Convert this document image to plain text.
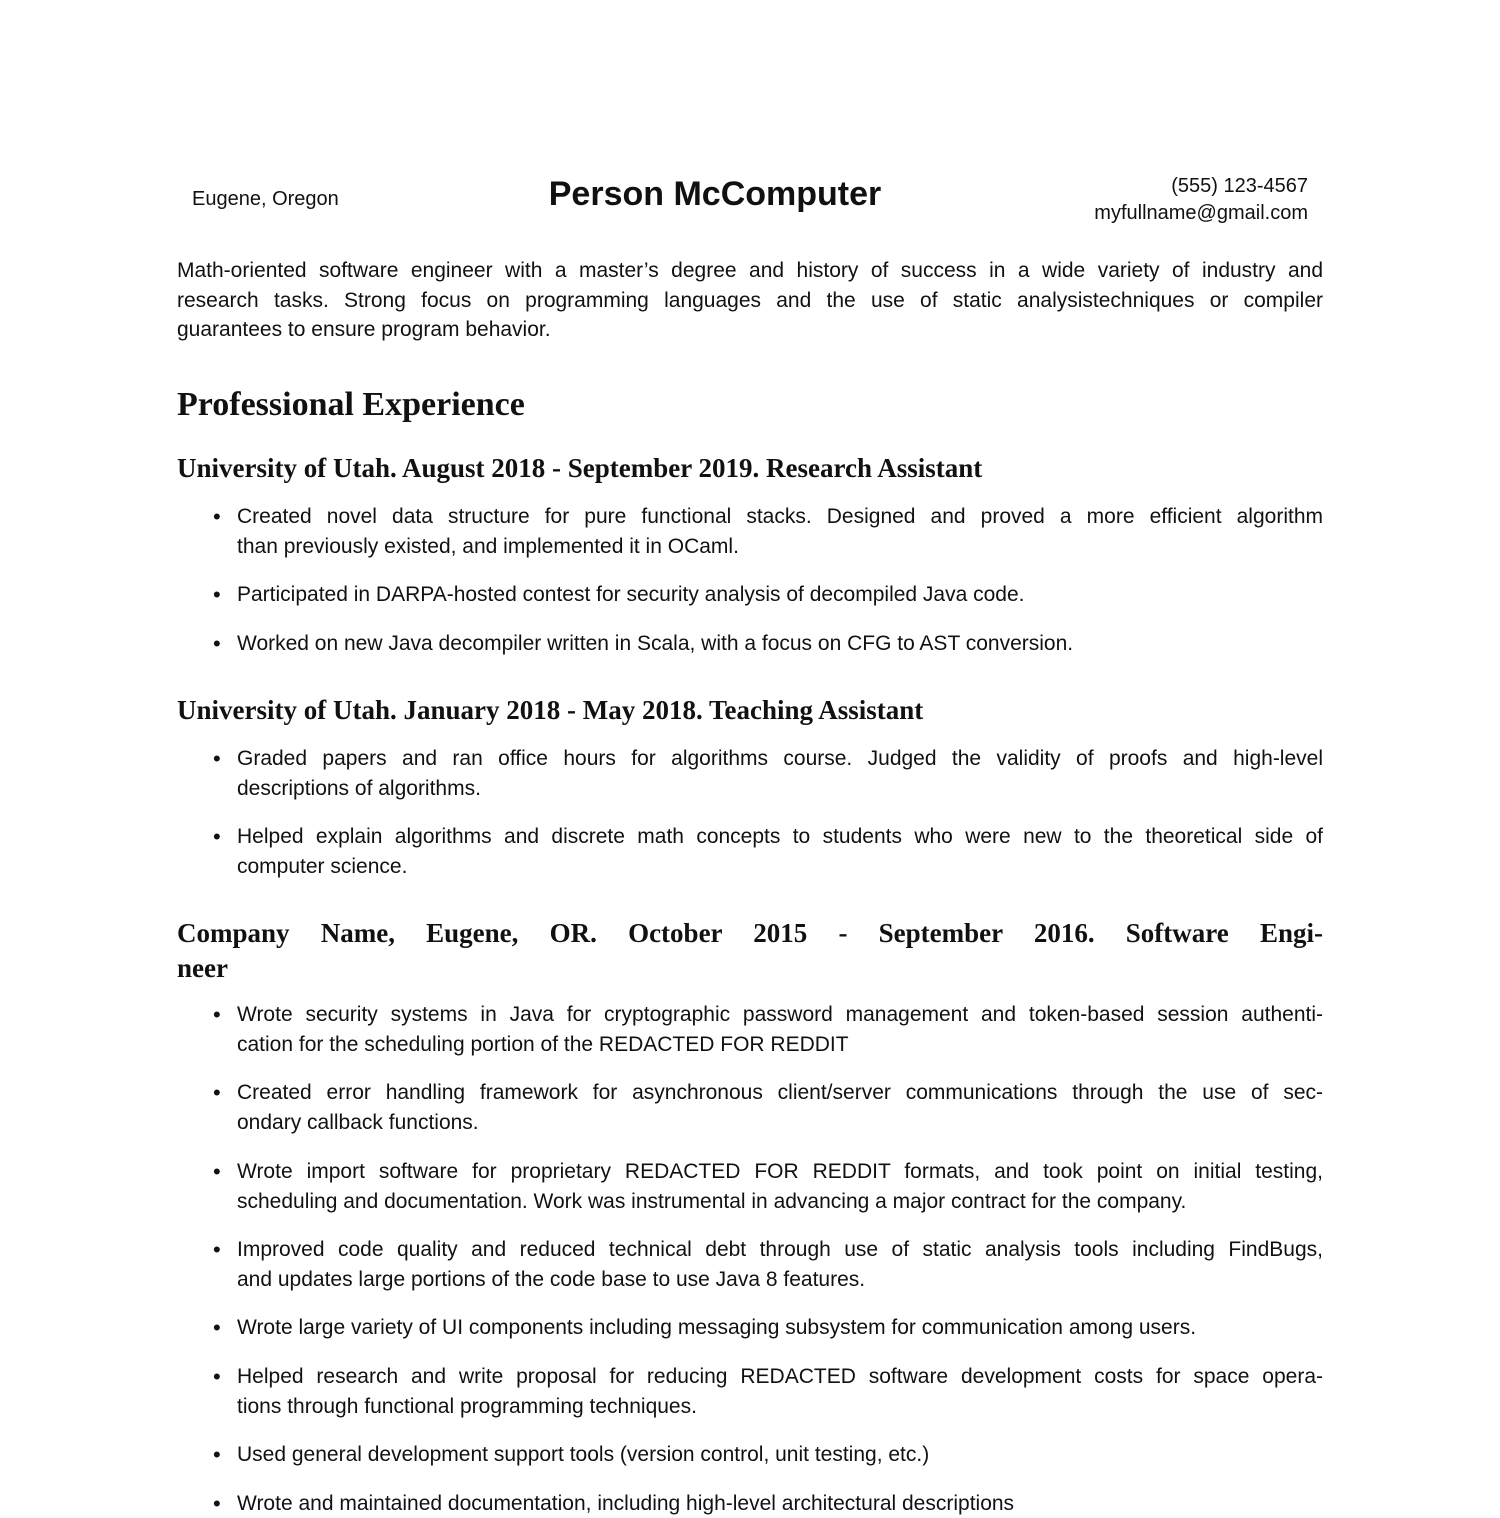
Eugene, Oregon	Person McComputer	(555) 123-4567
myfullname@gmail.com
Math-oriented software engineer with a master’s degree and history of success in a wide variety of industry and
research tasks. Strong focus on programming languages and the use of static analysistechniques or compiler
guarantees to ensure program behavior.
Professional Experience
University of Utah. August 2018 - September 2019. Research Assistant
• Created novel data structure for pure functional stacks. Designed and proved a more efficient algorithm
than previously existed, and implemented it in OCaml.
• Participated in DARPA-hosted contest for security analysis of decompiled Java code.
• Worked on new Java decompiler written in Scala, with a focus on CFG to AST conversion.
University of Utah. January 2018 - May 2018. Teaching Assistant
• Graded papers and ran office hours for algorithms course. Judged the validity of proofs and high-level
descriptions of algorithms.
• Helped explain algorithms and discrete math concepts to students who were new to the theoretical side of
computer science.
Company Name, Eugene, OR. October 2015 - September 2016. Software Engi-
neer
• Wrote security systems in Java for cryptographic password management and token-based session authenti-
cation for the scheduling portion of the REDACTED FOR REDDIT
• Created error handling framework for asynchronous client/server communications through the use of sec-
ondary callback functions.
• Wrote import software for proprietary REDACTED FOR REDDIT formats, and took point on initial testing,
scheduling and documentation. Work was instrumental in advancing a major contract for the company.
• Improved code quality and reduced technical debt through use of static analysis tools including FindBugs,
and updates large portions of the code base to use Java 8 features.
• Wrote large variety of UI components including messaging subsystem for communication among users.
• Helped research and write proposal for reducing REDACTED software development costs for space opera-
tions through functional programming techniques.
• Used general development support tools (version control, unit testing, etc.)
• Wrote and maintained documentation, including high-level architectural descriptions
